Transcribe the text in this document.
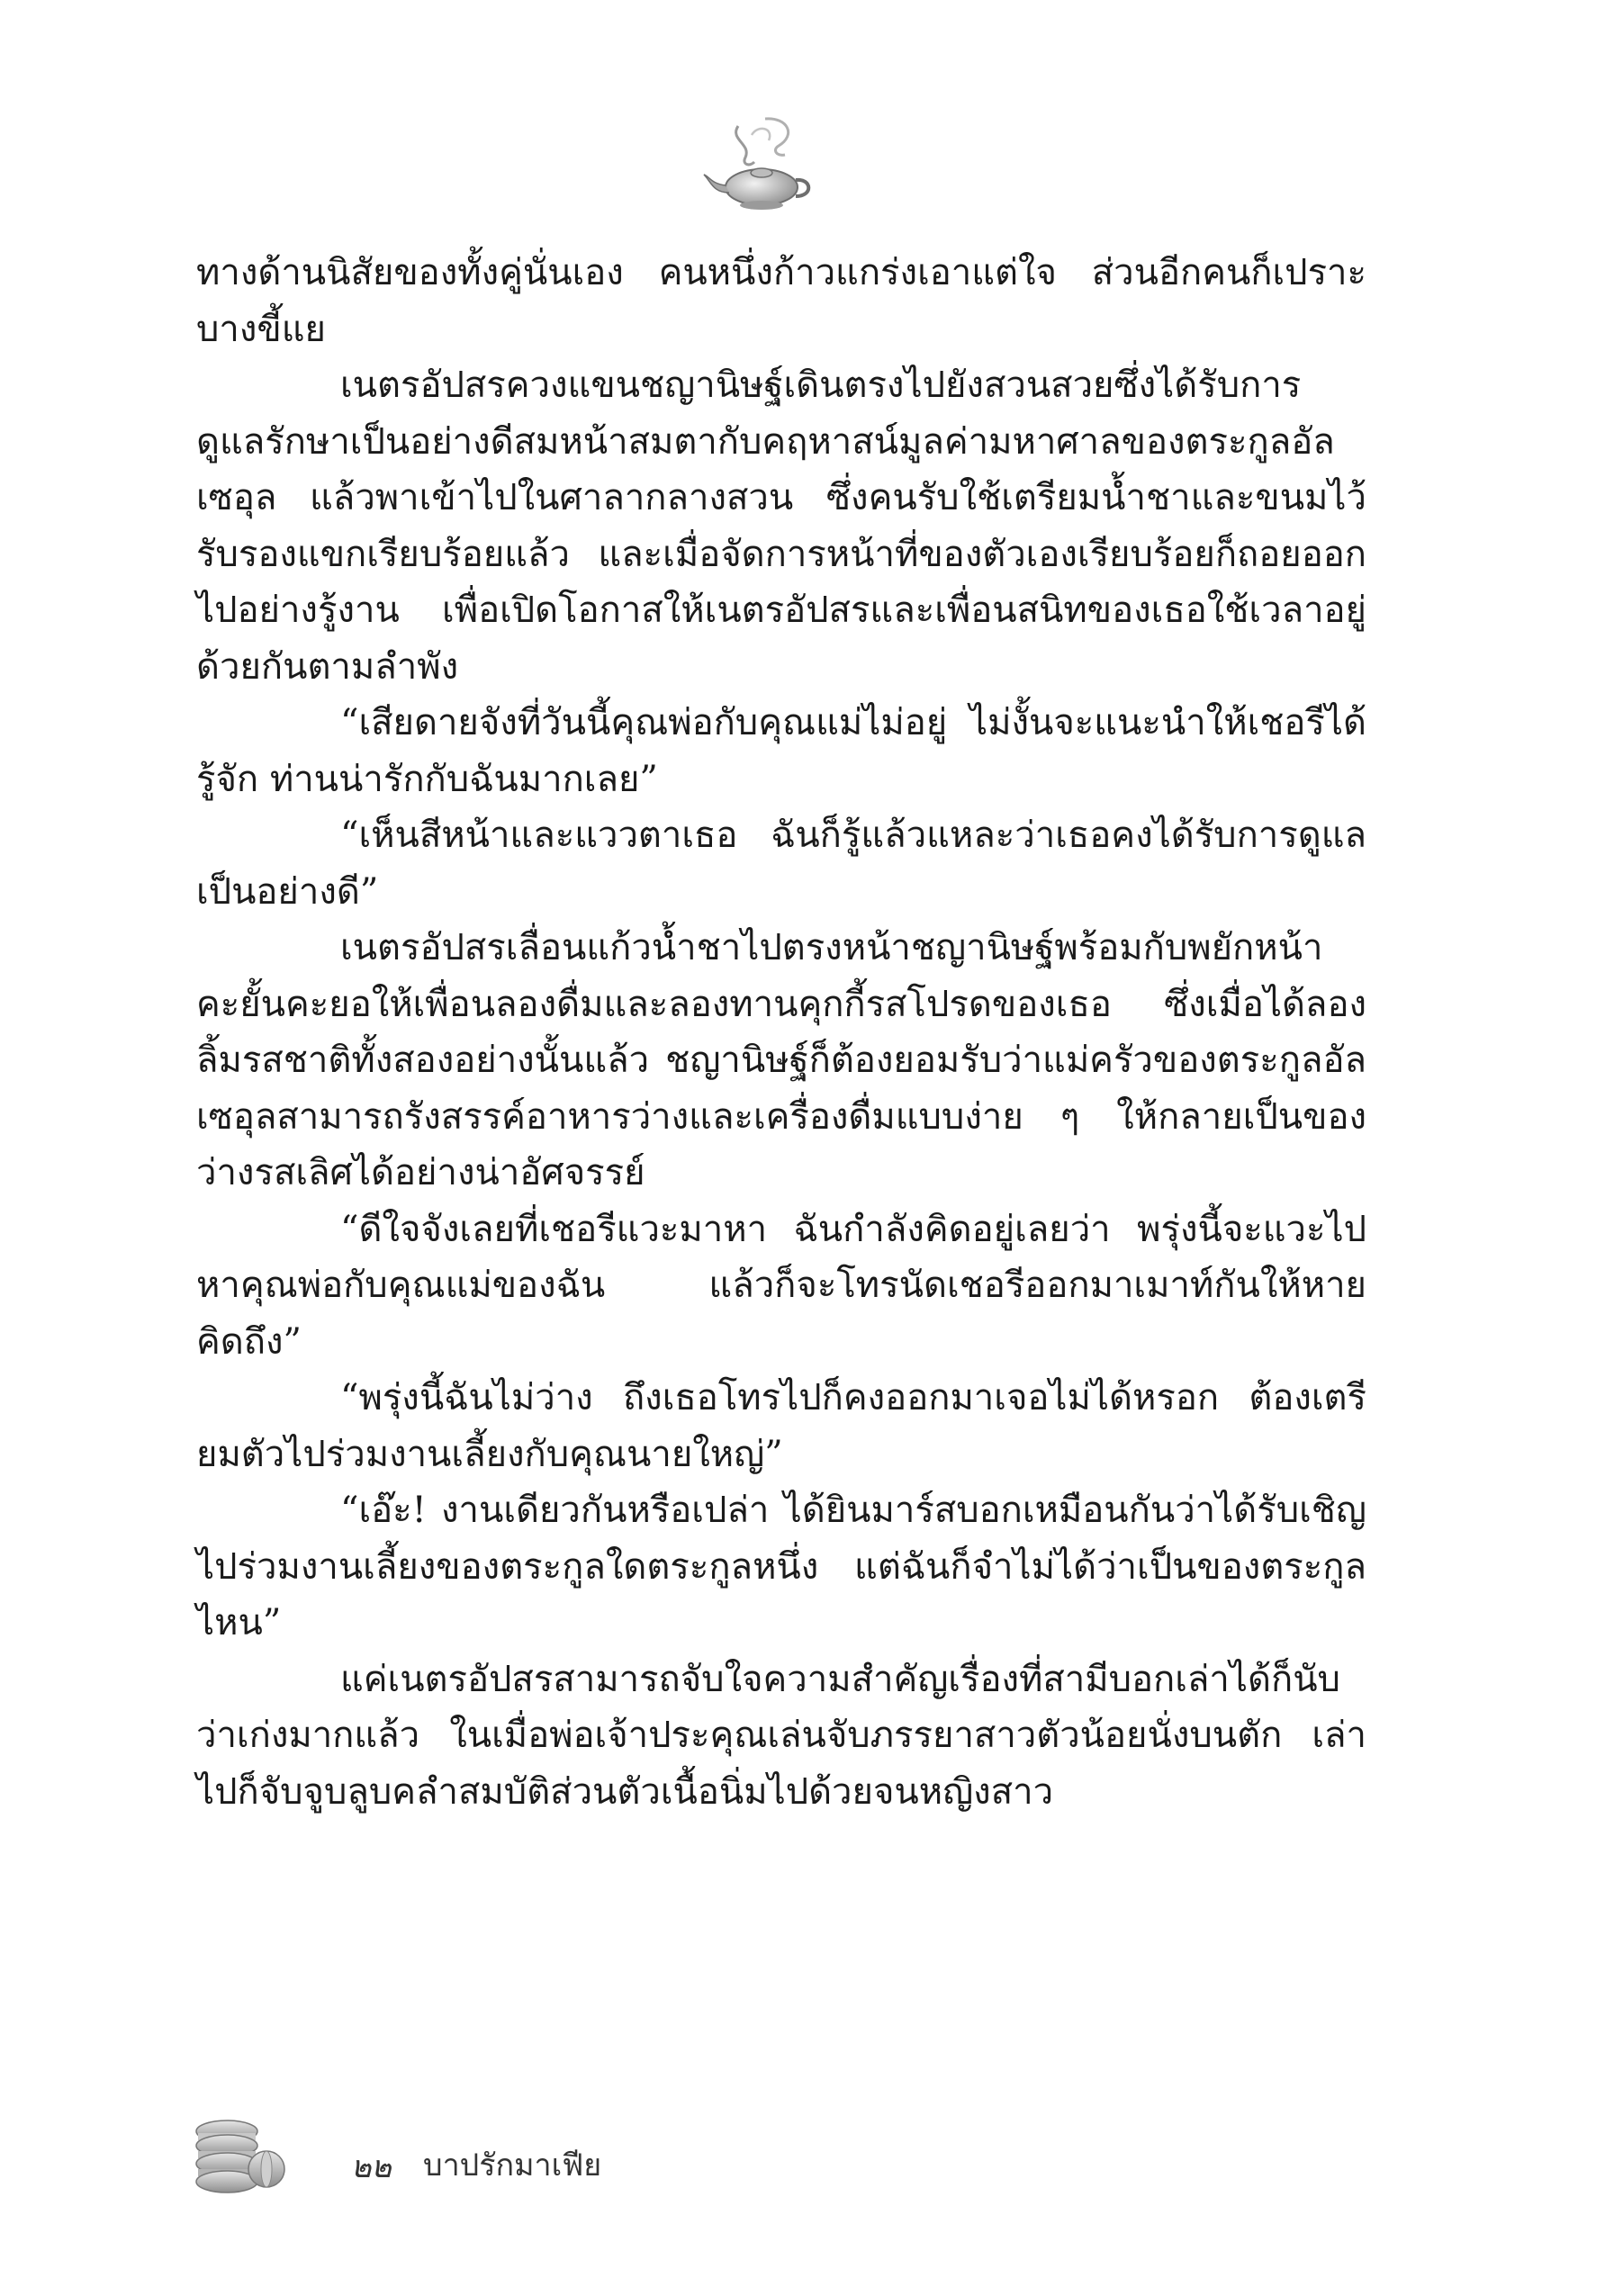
ทางด้านนิสัยของทั้งคู่นั่นเอง คนหนึ่งก้าวแกร่งเอาแต่ใจ ส่วนอีกคนก็เปราะบางขี้แย

เนตรอัปสรควงแขนชญานิษฐ์เดินตรงไปยังสวนสวยซึ่งได้รับการดูแลรักษาเป็นอย่างดีสมหน้าสมตากับคฤหาสน์มูลค่ามหาศาลของตระกูลอัลเซอุล แล้วพาเข้าไปในศาลากลางสวน ซึ่งคนรับใช้เตรียมน้ำชาและขนมไว้รับรองแขกเรียบร้อยแล้ว และเมื่อจัดการหน้าที่ของตัวเองเรียบร้อยก็ถอยออกไปอย่างรู้งาน เพื่อเปิดโอกาสให้เนตรอัปสรและเพื่อนสนิทของเธอใช้เวลาอยู่ด้วยกันตามลำพัง

“เสียดายจังที่วันนี้คุณพ่อกับคุณแม่ไม่อยู่ ไม่งั้นจะแนะนำให้เชอรีได้รู้จัก ท่านน่ารักกับฉันมากเลย”

“เห็นสีหน้าและแววตาเธอ ฉันก็รู้แล้วแหละว่าเธอคงได้รับการดูแลเป็นอย่างดี”

เนตรอัปสรเลื่อนแก้วน้ำชาไปตรงหน้าชญานิษฐ์พร้อมกับพยักหน้าคะยั้นคะยอให้เพื่อนลองดื่มและลองทานคุกกี้รสโปรดของเธอ ซึ่งเมื่อได้ลองลิ้มรสชาติทั้งสองอย่างนั้นแล้ว ชญานิษฐ์ก็ต้องยอมรับว่าแม่ครัวของตระกูลอัลเซอุลสามารถรังสรรค์อาหารว่างและเครื่องดื่มแบบง่าย ๆ ให้กลายเป็นของว่างรสเลิศได้อย่างน่าอัศจรรย์

“ดีใจจังเลยที่เชอรีแวะมาหา ฉันกำลังคิดอยู่เลยว่า พรุ่งนี้จะแวะไปหาคุณพ่อกับคุณแม่ของฉัน แล้วก็จะโทรนัดเชอรีออกมาเมาท์กันให้หายคิดถึง”

“พรุ่งนี้ฉันไม่ว่าง ถึงเธอโทรไปก็คงออกมาเจอไม่ได้หรอก ต้องเตรียมตัวไปร่วมงานเลี้ยงกับคุณนายใหญ่”

“เอ๊ะ! งานเดียวกันหรือเปล่า ได้ยินมาร์สบอกเหมือนกันว่าได้รับเชิญไปร่วมงานเลี้ยงของตระกูลใดตระกูลหนึ่ง แต่ฉันก็จำไม่ได้ว่าเป็นของตระกูลไหน”

แค่เนตรอัปสรสามารถจับใจความสำคัญเรื่องที่สามีบอกเล่าได้ก็นับว่าเก่งมากแล้ว ในเมื่อพ่อเจ้าประคุณเล่นจับภรรยาสาวตัวน้อยนั่งบนตัก เล่าไปก็จับจูบลูบคลำสมบัติส่วนตัวเนื้อนิ่มไปด้วยจนหญิงสาว

๒๒ บาปรักมาเฟีย
